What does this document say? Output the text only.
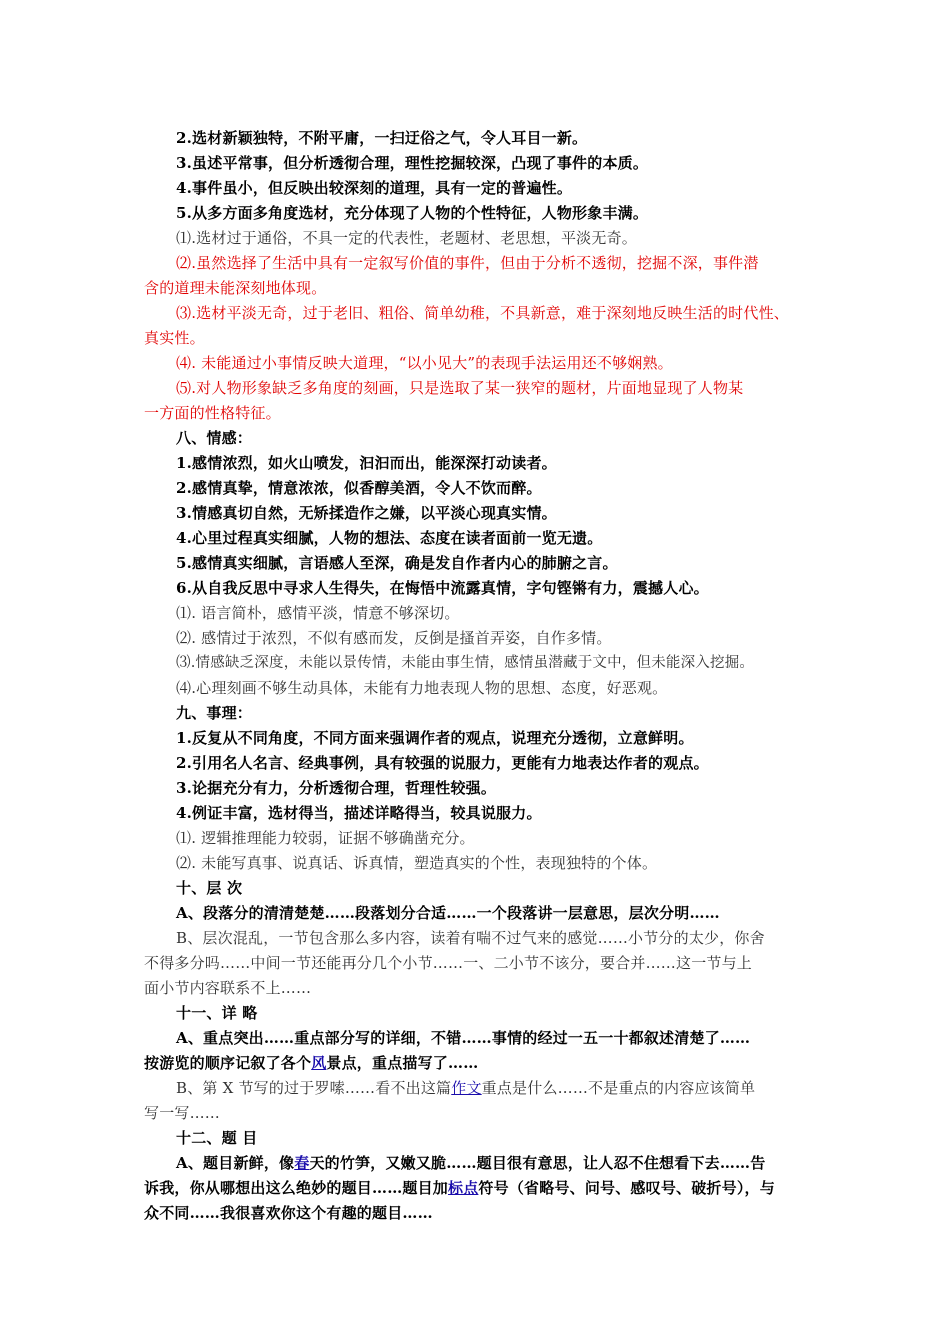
2.选材新颖独特，不附平庸，一扫迂俗之气，令人耳目一新。
3.虽述平常事，但分析透彻合理，理性挖掘较深，凸现了事件的本质。
4.事件虽小，但反映出较深刻的道理，具有一定的普遍性。
5.从多方面多角度选材，充分体现了人物的个性特征，人物形象丰满。
⑴.选材过于通俗，不具一定的代表性，老题材、老思想，平淡无奇。
⑵.虽然选择了生活中具有一定叙写价值的事件，但由于分析不透彻，挖掘不深，事件潜
含的道理未能深刻地体现。
⑶.选材平淡无奇，过于老旧、粗俗、简单幼稚，不具新意，难于深刻地反映生活的时代性、
真实性。
⑷. 未能通过小事情反映大道理，“以小见大”的表现手法运用还不够娴熟。
⑸.对人物形象缺乏多角度的刻画，只是选取了某一狭窄的题材，片面地显现了人物某
一方面的性格特征。
八、情感：
1.感情浓烈，如火山喷发，汩汩而出，能深深打动读者。
2.感情真挚，情意浓浓，似香醇美酒，令人不饮而醉。
3.情感真切自然，无矫揉造作之嫌，以平淡心现真实情。
4.心里过程真实细腻，人物的想法、态度在读者面前一览无遗。
5.感情真实细腻，言语感人至深，确是发自作者内心的肺腑之言。
6.从自我反思中寻求人生得失，在悔悟中流露真情，字句铿锵有力，震撼人心。
⑴. 语言简朴，感情平淡，情意不够深切。
⑵. 感情过于浓烈，不似有感而发，反倒是搔首弄姿，自作多情。
⑶.情感缺乏深度，未能以景传情，未能由事生情，感情虽潜藏于文中，但未能深入挖掘。
⑷.心理刻画不够生动具体，未能有力地表现人物的思想、态度，好恶观。
九、事理：
1.反复从不同角度，不同方面来强调作者的观点，说理充分透彻，立意鲜明。
2.引用名人名言、经典事例，具有较强的说服力，更能有力地表达作者的观点。
3.论据充分有力，分析透彻合理，哲理性较强。
4.例证丰富，选材得当，描述详略得当，较具说服力。
⑴. 逻辑推理能力较弱，证据不够确凿充分。
⑵. 未能写真事、说真话、诉真情，塑造真实的个性，表现独特的个体。
十、层 次
A、段落分的清清楚楚……段落划分合适……一个段落讲一层意思，层次分明……
B、层次混乱，一节包含那么多内容，读着有喘不过气来的感觉……小节分的太少，你舍
不得多分吗……中间一节还能再分几个小节……一、二小节不该分，要合并……这一节与上
面小节内容联系不上……
十一、详 略
A、重点突出……重点部分写的详细，不错……事情的经过一五一十都叙述清楚了……
按游览的顺序记叙了各个风景点，重点描写了……
B、第 X 节写的过于罗嗦……看不出这篇作文重点是什么……不是重点的内容应该简单
写一写……
十二、题 目
A、题目新鲜，像春天的竹笋，又嫩又脆……题目很有意思，让人忍不住想看下去……告
诉我，你从哪想出这么绝妙的题目……题目加标点符号（省略号、问号、感叹号、破折号），与
众不同……我很喜欢你这个有趣的题目……
